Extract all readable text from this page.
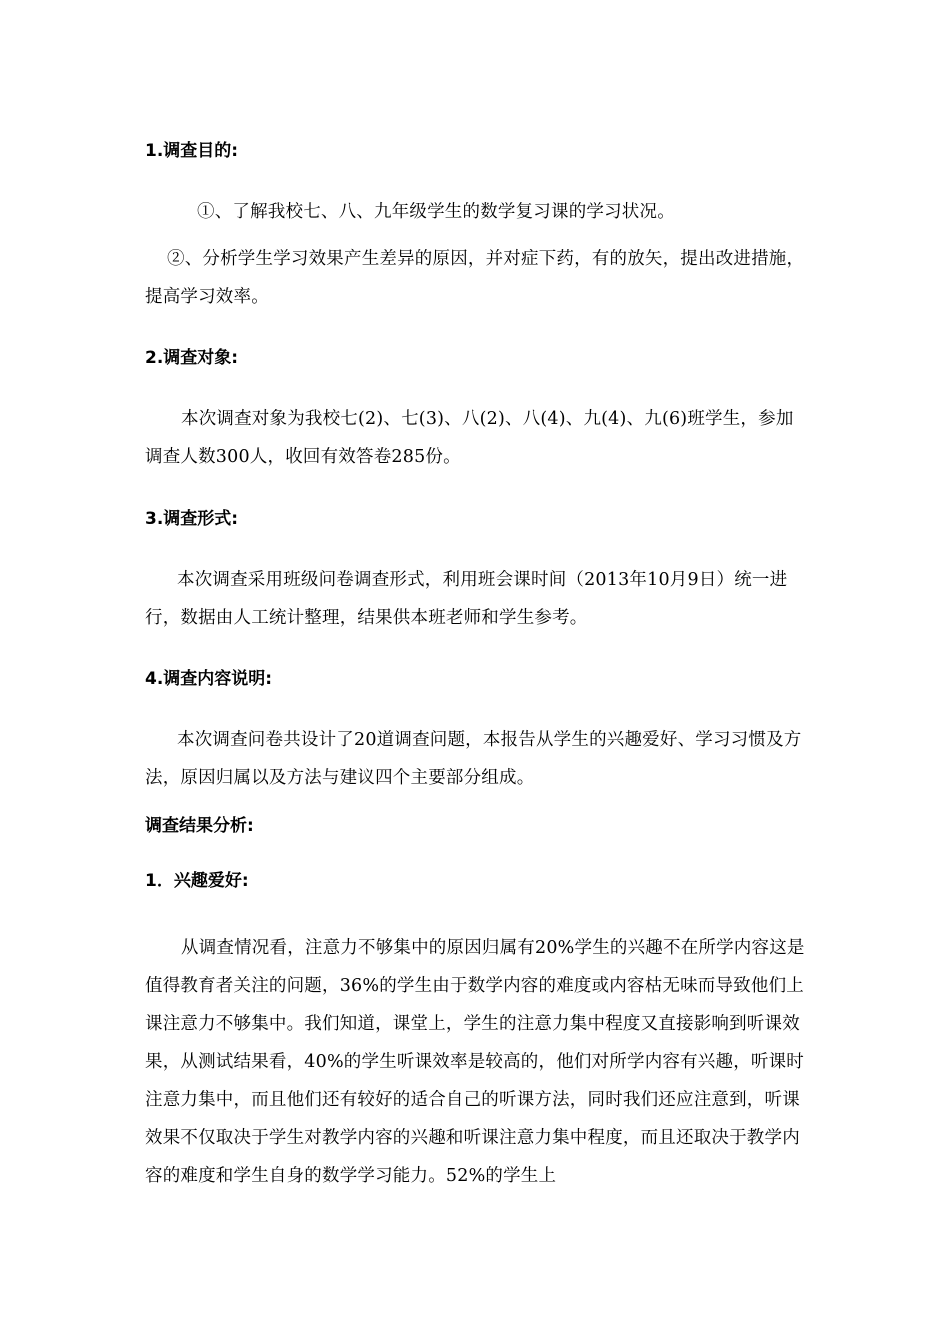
1.调查目的:

①、了解我校七、八、九年级学生的数学复习课的学习状况。

②、分析学生学习效果产生差异的原因，并对症下药，有的放矢，提出改进措施，提高学习效率。

2.调查对象:

本次调查对象为我校七(2)、七(3)、八(2)、八(4)、九(4)、九(6)班学生，参加调查人数300人，收回有效答卷285份。

3.调查形式:

本次调查采用班级问卷调查形式，利用班会课时间（2013年10月9日）统一进行，数据由人工统计整理，结果供本班老师和学生参考。

4.调查内容说明:

本次调查问卷共设计了20道调查问题，本报告从学生的兴趣爱好、学习习惯及方法，原因归属以及方法与建议四个主要部分组成。

调查结果分析:
1．兴趣爱好:

从调查情况看，注意力不够集中的原因归属有20%学生的兴趣不在所学内容这是值得教育者关注的问题，36%的学生由于数学内容的难度或内容枯无味而导致他们上课注意力不够集中。我们知道，课堂上，学生的注意力集中程度又直接影响到听课效果，从测试结果看，40%的学生听课效率是较高的，他们对所学内容有兴趣，听课时注意力集中，而且他们还有较好的适合自己的听课方法，同时我们还应注意到，听课效果不仅取决于学生对教学内容的兴趣和听课注意力集中程度，而且还取决于教学内容的难度和学生自身的数学学习能力。52%的学生上
